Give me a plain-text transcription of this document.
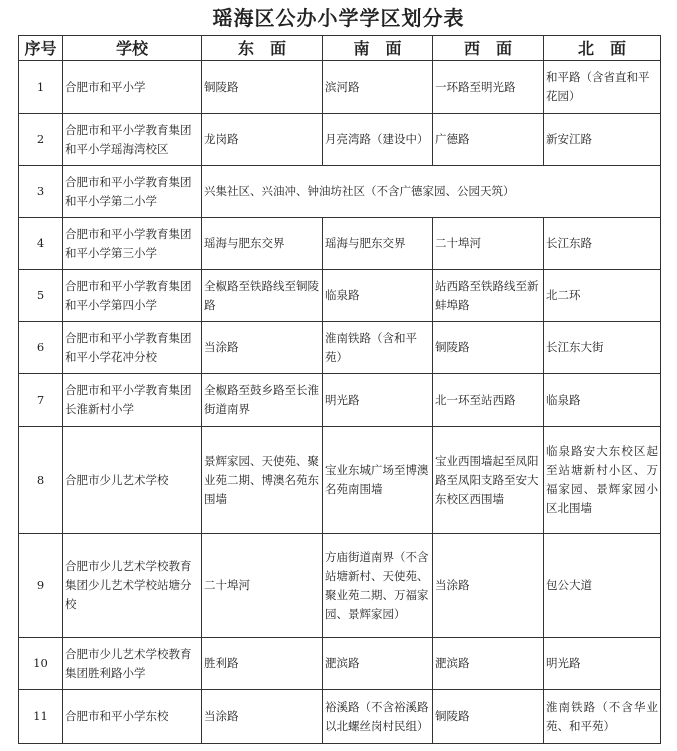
瑶海区公办小学学区划分表
序号	学校	东　面	南　面	西　面	北　面
1	合肥市和平小学	铜陵路	滨河路	一环路至明光路	和平路（含省直和平花园）
2	合肥市和平小学教育集团和平小学瑶海湾校区	龙岗路	月亮湾路（建设中）	广德路	新安江路
3	合肥市和平小学教育集团和平小学第二小学	兴集社区、兴油冲、钟油坊社区（不含广德家园、公园天筑）			
4	合肥市和平小学教育集团和平小学第三小学	瑶海与肥东交界	瑶海与肥东交界	二十埠河	长江东路
5	合肥市和平小学教育集团和平小学第四小学	全椒路至铁路线至铜陵路	临泉路	站西路至铁路线至新蚌埠路	北二环
6	合肥市和平小学教育集团和平小学花冲分校	当涂路	淮南铁路（含和平苑）	铜陵路	长江东大街
7	合肥市和平小学教育集团长淮新村小学	全椒路至鼓乡路至长淮街道南界	明光路	北一环至站西路	临泉路
8	合肥市少儿艺术学校	景辉家园、天使苑、聚业苑二期、博澳名苑东围墙	宝业东城广场至博澳名苑南围墙	宝业西围墙起至凤阳路至凤阳支路至安大东校区西围墙	临泉路安大东校区起至站塘新村小区、万福家园、景辉家园小区北围墙
9	合肥市少儿艺术学校教育集团少儿艺术学校站塘分校	二十埠河	方庙街道南界（不含站塘新村、天使苑、聚业苑二期、万福家园、景辉家园）	当涂路	包公大道
10	合肥市少儿艺术学校教育集团胜利路小学	胜利路	淝滨路	淝滨路	明光路
11	合肥市和平小学东校	当涂路	裕溪路（不含裕溪路以北螺丝岗村民组）	铜陵路	淮南铁路（不含华业苑、和平苑）
